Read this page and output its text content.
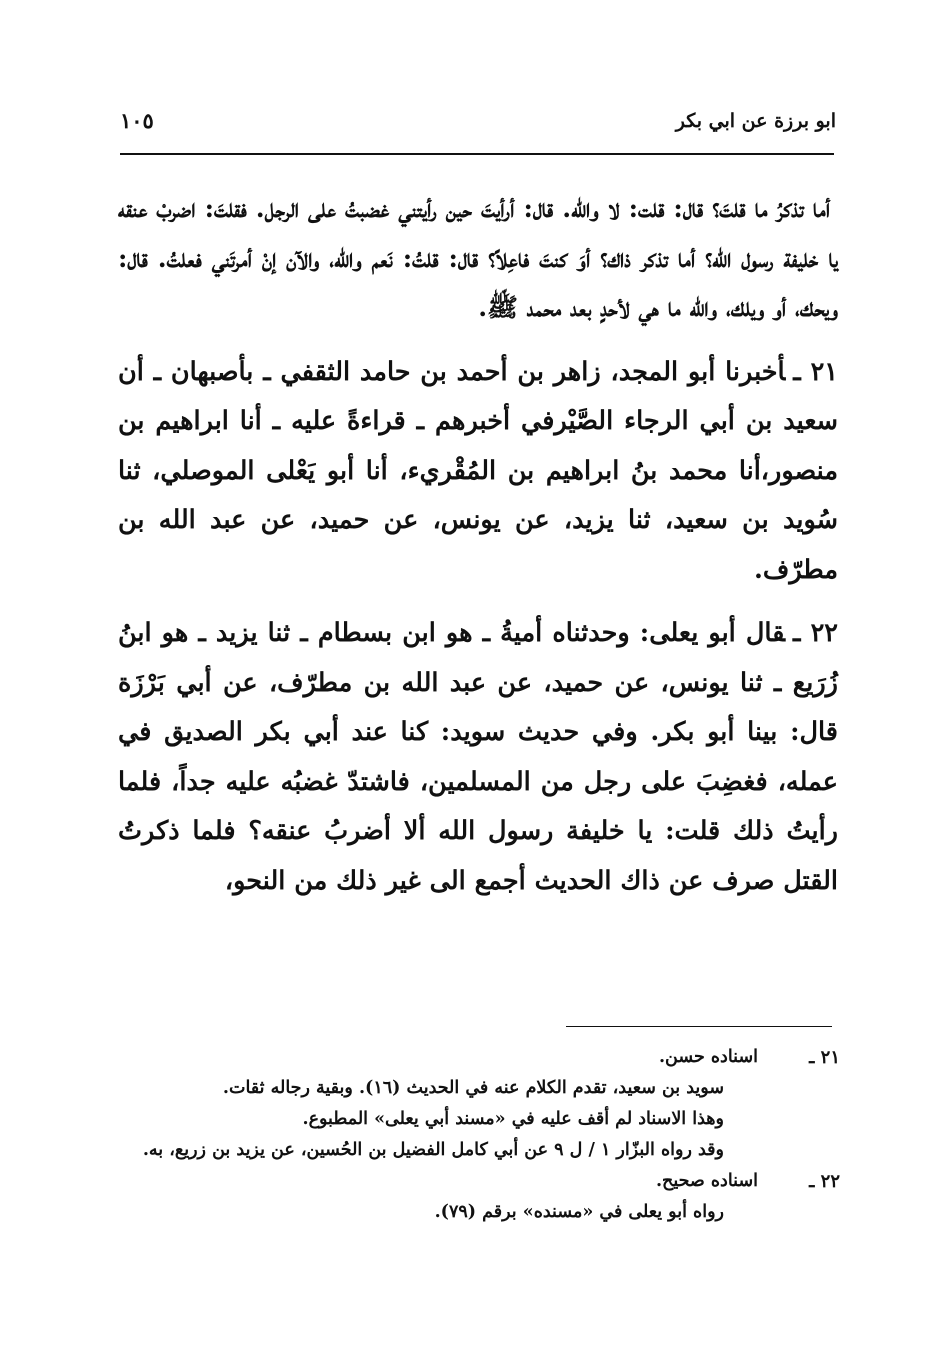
ابو برزة عن ابي بكر
١٠٥

أما تذكرُ ما قلتَ؟ قال: قلت: لا والله. قال: أرأيتَ حين رأيتني غضبتُ على الرجل. فقلتَ: اضربْ عنقه يا خليفة رسول الله؟ أما تذكر ذاك؟ أوَ كنتَ فاعِلاً؟ قال: قلتُ: نَعم والله، والآن إنْ أمرتَني فعلتُ. قال: ويحك، أو ويلك، والله ما هي لأحدٍ بعد محمد ﷺ.

٢١ ـأخبرنا أبو المجد، زاهر بن أحمد بن حامد الثقفي ـ بأصبهان ـ أن سعيد بن أبي الرجاء الصَّيْرفي أخبرهم ـ قراءةً عليه ـ أنا ابراهيم بن منصور،أنا محمد بنُ ابراهيم بن المُقْريء، أنا أبو يَعْلى الموصلي، ثنا سُويد بن سعيد، ثنا يزيد، عن يونس، عن حميد، عن عبد الله بن مطرّف.

٢٢ ـقال أبو يعلى: وحدثناه أميةُ ـ هو ابن بسطام ـ ثنا يزيد ـ هو ابنُ زُرَيع ـ ثنا يونس، عن حميد، عن عبد الله بن مطرّف، عن أبي بَرْزَة قال: بينا أبو بكر. وفي حديث سويد: كنا عند أبي بكر الصديق في عمله، فغضِبَ على رجل من المسلمين، فاشتدّ غضبُه عليه جداً، فلما رأيتُ ذلك قلت: يا خليفة رسول الله ألا أضربُ عنقه؟ فلما ذكرتُ القتل صرف عن ذاك الحديث أجمع الى غير ذلك من النحو،

٢١ ـ
اسناده حسن.
سويد بن سعيد، تقدم الكلام عنه في الحديث (١٦). وبقية رجاله ثقات.
وهذا الاسناد لم أقف عليه في «مسند أبي يعلى» المطبوع.
وقد رواه البزّار ١ / ل ٩ عن أبي كامل الفضيل بن الحُسين، عن يزيد بن زريع، به.
٢٢ ـ
اسناده صحيح.
رواه أبو يعلى في «مسنده» برقم (٧٩).
